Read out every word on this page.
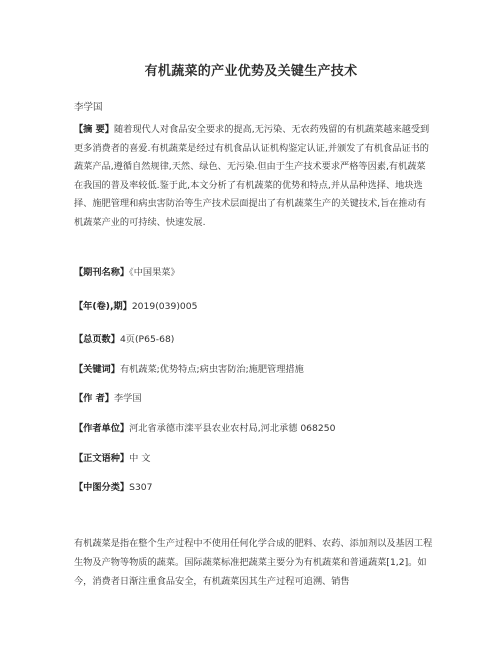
有机蔬菜的产业优势及关键生产技术
李学国
【摘 要】随着现代人对食品安全要求的提高,无污染、无农药残留的有机蔬菜越来越受到更多消费者的喜爱.有机蔬菜是经过有机食品认证机构鉴定认证,并颁发了有机食品证书的蔬菜产品,遵循自然规律,天然、绿色、无污染.但由于生产技术要求严格等因素,有机蔬菜在我国的普及率较低.鉴于此,本文分析了有机蔬菜的优势和特点,并从品种选择、地块选择、施肥管理和病虫害防治等生产技术层面提出了有机蔬菜生产的关键技术,旨在推动有机蔬菜产业的可持续、快速发展.
【期刊名称】《中国果菜》
【年(卷),期】2019(039)005
【总页数】4页(P65-68)
【关键词】有机蔬菜;优势特点;病虫害防治;施肥管理措施
【作 者】李学国
【作者单位】河北省承德市滦平县农业农村局,河北承德 068250
【正文语种】中 文
【中图分类】S307
有机蔬菜是指在整个生产过程中不使用任何化学合成的肥料、农药、添加剂以及基因工程生物及产物等物质的蔬菜。国际蔬菜标准把蔬菜主要分为有机蔬菜和普通蔬菜[1,2]。如今，消费者日渐注重食品安全，有机蔬菜因其生产过程可追溯、销售
